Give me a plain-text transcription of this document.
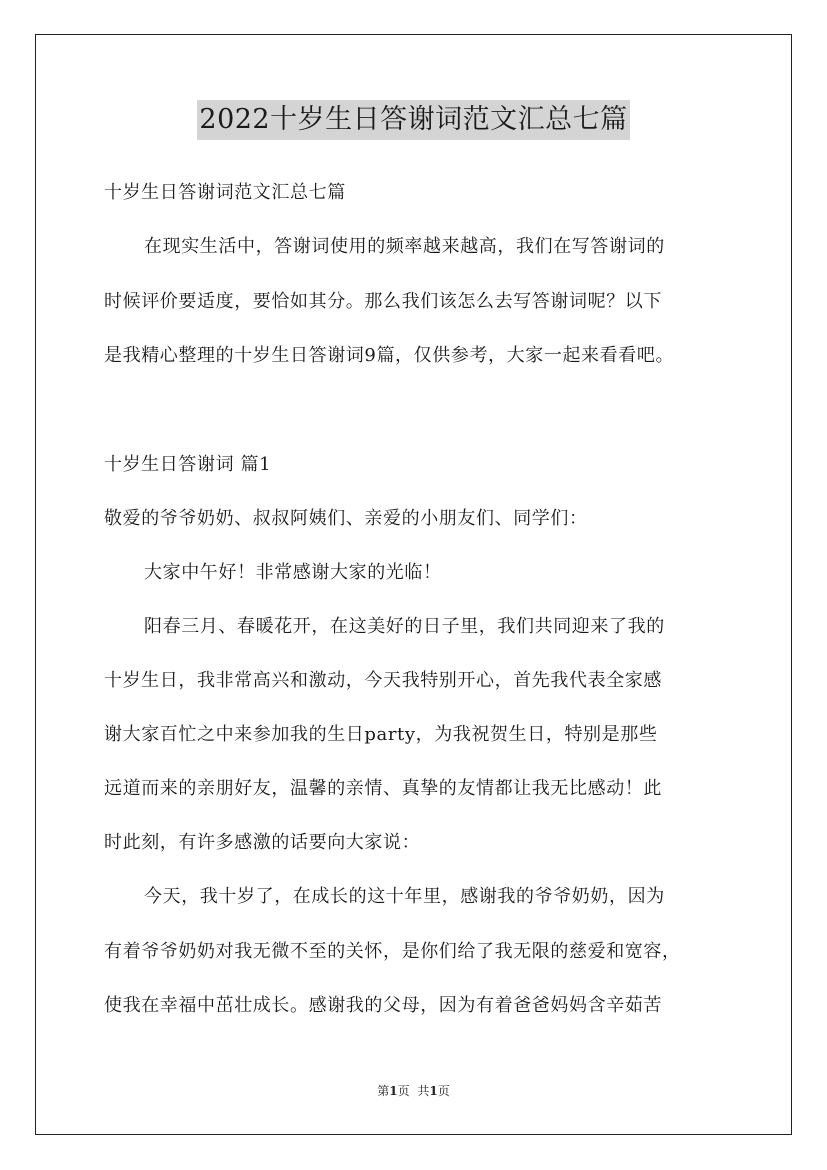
2022十岁生日答谢词范文汇总七篇
十岁生日答谢词范文汇总七篇
在现实生活中，答谢词使用的频率越来越高，我们在写答谢词的
时候评价要适度，要恰如其分。那么我们该怎么去写答谢词呢？以下
是我精心整理的十岁生日答谢词9篇，仅供参考，大家一起来看看吧。
十岁生日答谢词 篇1
敬爱的爷爷奶奶、叔叔阿姨们、亲爱的小朋友们、同学们：
大家中午好！非常感谢大家的光临！
阳春三月、春暖花开，在这美好的日子里，我们共同迎来了我的
十岁生日，我非常高兴和激动，今天我特别开心，首先我代表全家感
谢大家百忙之中来参加我的生日party，为我祝贺生日，特别是那些
远道而来的亲朋好友，温馨的亲情、真挚的友情都让我无比感动！此
时此刻，有许多感激的话要向大家说：
今天，我十岁了，在成长的这十年里，感谢我的爷爷奶奶，因为
有着爷爷奶奶对我无微不至的关怀，是你们给了我无限的慈爱和宽容，
使我在幸福中茁壮成长。感谢我的父母，因为有着爸爸妈妈含辛茹苦
第1页 共1页
